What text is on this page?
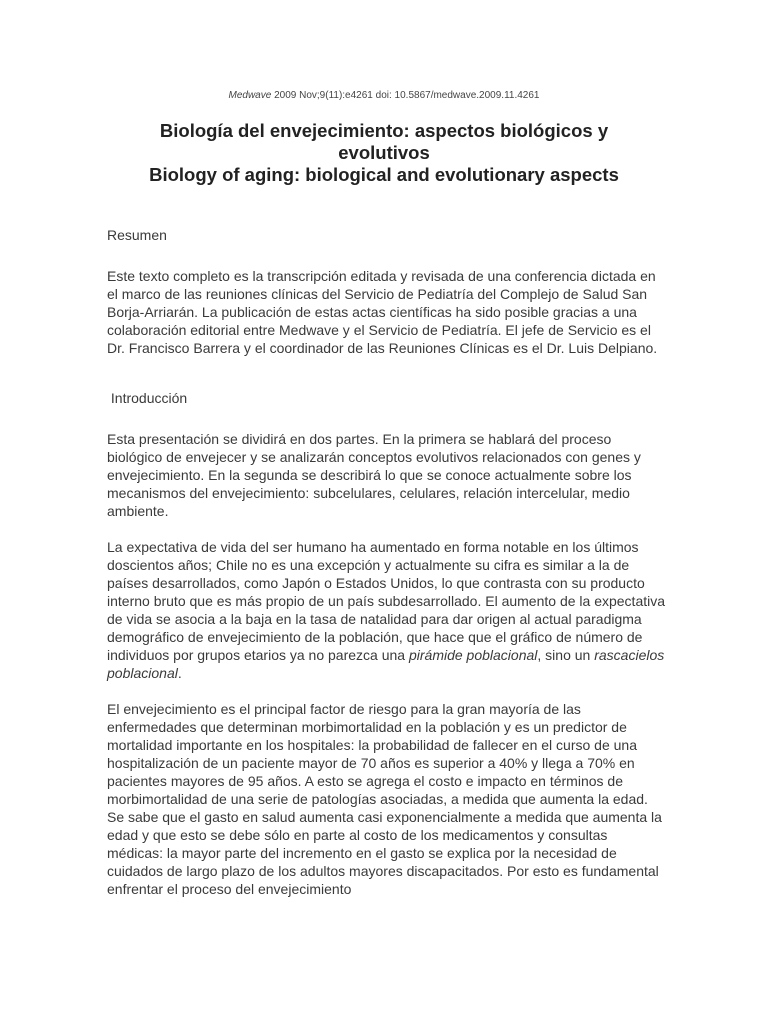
Medwave 2009 Nov;9(11):e4261 doi: 10.5867/medwave.2009.11.4261
Biología del envejecimiento: aspectos biológicos y
evolutivos
Biology of aging: biological and evolutionary aspects

Resumen

Este texto completo es la transcripción editada y revisada de una conferencia dictada en el marco de las reuniones clínicas del Servicio de Pediatría del Complejo de Salud San Borja-Arriarán. La publicación de estas actas científicas ha sido posible gracias a una colaboración editorial entre Medwave y el Servicio de Pediatría. El jefe de Servicio es el Dr. Francisco Barrera y el coordinador de las Reuniones Clínicas es el Dr. Luis Delpiano.

Introducción

Esta presentación se dividirá en dos partes. En la primera se hablará del proceso biológico de envejecer y se analizarán conceptos evolutivos relacionados con genes y envejecimiento. En la segunda se describirá lo que se conoce actualmente sobre los mecanismos del envejecimiento: subcelulares, celulares, relación intercelular, medio ambiente.

La expectativa de vida del ser humano ha aumentado en forma notable en los últimos doscientos años; Chile no es una excepción y actualmente su cifra es similar a la de países desarrollados, como Japón o Estados Unidos, lo que contrasta con su producto interno bruto que es más propio de un país subdesarrollado. El aumento de la expectativa de vida se asocia a la baja en la tasa de natalidad para dar origen al actual paradigma demográfico de envejecimiento de la población, que hace que el gráfico de número de individuos por grupos etarios ya no parezca una pirámide poblacional, sino un rascacielos poblacional.

El envejecimiento es el principal factor de riesgo para la gran mayoría de las enfermedades que determinan morbimortalidad en la población y es un predictor de mortalidad importante en los hospitales: la probabilidad de fallecer en el curso de una hospitalización de un paciente mayor de 70 años es superior a 40% y llega a 70% en pacientes mayores de 95 años. A esto se agrega el costo e impacto en términos de morbimortalidad de una serie de patologías asociadas, a medida que aumenta la edad. Se sabe que el gasto en salud aumenta casi exponencialmente a medida que aumenta la edad y que esto se debe sólo en parte al costo de los medicamentos y consultas médicas: la mayor parte del incremento en el gasto se explica por la necesidad de cuidados de largo plazo de los adultos mayores discapacitados. Por esto es fundamental enfrentar el proceso del envejecimiento
